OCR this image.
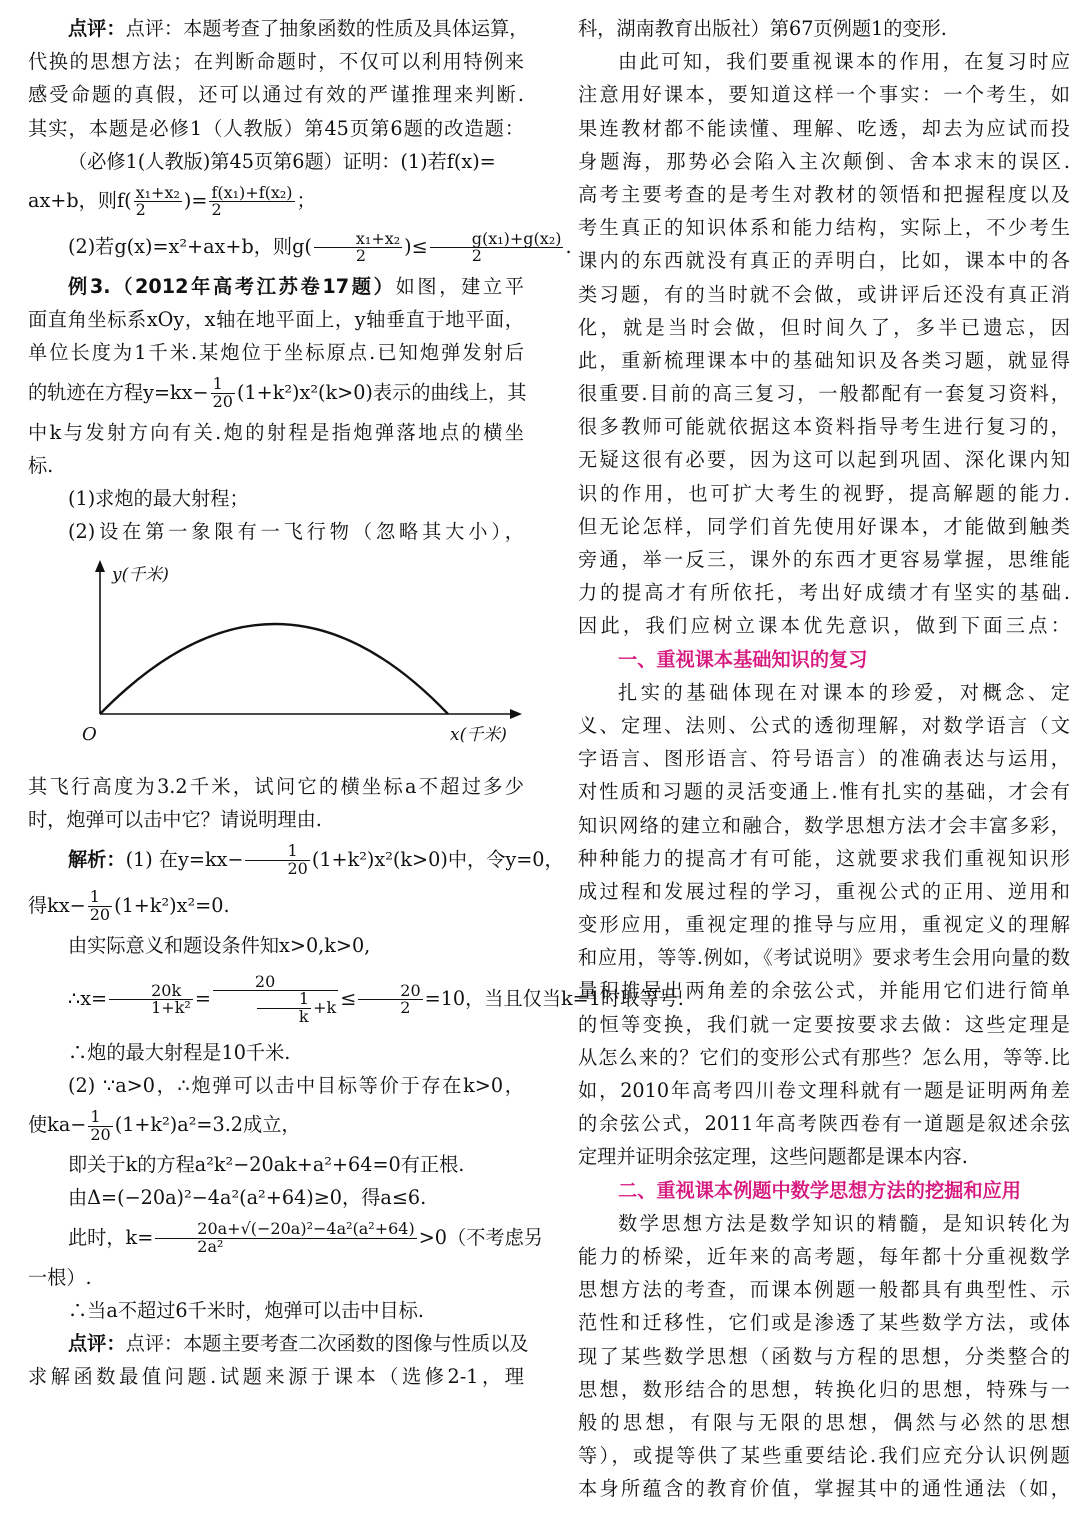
点评：点评：本题考查了抽象函数的性质及具体运算，
代换的思想方法；在判断命题时，不仅可以利用特例来
感受命题的真假，还可以通过有效的严谨推理来判断.
其实，本题是必修1（人教版）第45页第6题的改造题：
（必修1(人教版)第45页第6题）证明：(1)若f(x)=
ax+b，则$f( \frac{\text{x₁+x₂}}{2}$ )= $\frac{\text{f(x₁)+f(x₂)}}{2}$ ；
(2)若g(x)=x²+ax+b，则$g( \frac{\text{x₁+x₂}}{2}$ )≤ $\frac{\text{g(x₁)+g(x₂)}}{2}$ .
例3.（2012年高考江苏卷17题）如图，建立平
面直角坐标系xOy，x轴在地平面上，y轴垂直于地平面，
单位长度为1千米.某炮位于坐标原点.已知炮弹发射后
的轨迹在方程$y=kx- \frac{1}{20} (1+k^2)x^2(k>0)$表示的曲线上，其
中k与发射方向有关.炮的射程是指炮弹落地点的横坐
标.
(1)求炮的最大射程；
(2)设在第一象限有一飞行物（忽略其大小），
y(千米)
O	x(千米)
其飞行高度为3.2千米，试问它的横坐标a不超过多少
时，炮弹可以击中它？请说明理由.
解析：(1) 在$y=kx- \frac{1}{20} (1+k^2)x^2(k>0)$中，令y=0，
得$kx- \frac{1}{20} (1+k^2)x^2=0$.
由实际意义和题设条件知x>0,k>0,
∴x= $\frac{20k}{\text{1+k²}} = \frac{20}{\frac{1}{k} +k} \le \frac{20}{2} =10$，当且仅当k=1时取等号.
∴炮的最大射程是10千米.
(2) ∵a>0，∴炮弹可以击中目标等价于存在k>0，
使$ka- \frac{1}{20} (1+k^2)a^2=3.2$成立，
即关于k的方程a²k²−20ak+a²+64=0有正根.
由Δ=(−20a)²−4a²(a²+64)≥0，得a≤6.
此时，$k= \frac{\text{20a+√(−20a)²−4a²(a²+64)}}{\text{2a²}} >0$（不考虑另
一根）.
∴当a不超过6千米时，炮弹可以击中目标.
点评：点评：本题主要考查二次函数的图像与性质以及
求解函数最值问题.试题来源于课本（选修2-1，理
科，湖南教育出版社）第67页例题1的变形.
由此可知，我们要重视课本的作用，在复习时应
注意用好课本，要知道这样一个事实：一个考生，如
果连教材都不能读懂、理解、吃透，却去为应试而投
身题海，那势必会陷入主次颠倒、舍本求末的误区.
高考主要考查的是考生对教材的领悟和把握程度以及
考生真正的知识体系和能力结构，实际上，不少考生
课内的东西就没有真正的弄明白，比如，课本中的各
类习题，有的当时就不会做，或讲评后还没有真正消
化，就是当时会做，但时间久了，多半已遗忘，因
此，重新梳理课本中的基础知识及各类习题，就显得
很重要.目前的高三复习，一般都配有一套复习资料，
很多教师可能就依据这本资料指导考生进行复习的，
无疑这很有必要，因为这可以起到巩固、深化课内知
识的作用，也可扩大考生的视野，提高解题的能力.
但无论怎样，同学们首先使用好课本，才能做到触类
旁通，举一反三，课外的东西才更容易掌握，思维能
力的提高才有所依托，考出好成绩才有坚实的基础.
因此，我们应树立课本优先意识，做到下面三点：
一、重视课本基础知识的复习
扎实的基础体现在对课本的珍爱，对概念、定
义、定理、法则、公式的透彻理解，对数学语言（文
字语言、图形语言、符号语言）的准确表达与运用，
对性质和习题的灵活变通上.惟有扎实的基础，才会有
知识网络的建立和融合，数学思想方法才会丰富多彩，
种种能力的提高才有可能，这就要求我们重视知识形
成过程和发展过程的学习，重视公式的正用、逆用和
变形应用，重视定理的推导与应用，重视定义的理解
和应用，等等.例如，《考试说明》要求考生会用向量的数
量积推导出两角差的余弦公式，并能用它们进行简单
的恒等变换，我们就一定要按要求去做：这些定理是
从怎么来的？它们的变形公式有那些？怎么用，等等.比
如，2010年高考四川卷文理科就有一题是证明两角差
的余弦公式，2011年高考陕西卷有一道题是叙述余弦
定理并证明余弦定理，这些问题都是课本内容.
二、重视课本例题中数学思想方法的挖掘和应用
数学思想方法是数学知识的精髓，是知识转化为
能力的桥梁，近年来的高考题，每年都十分重视数学
思想方法的考查，而课本例题一般都具有典型性、示
范性和迁移性，它们或是渗透了某些数学方法，或体
现了某些数学思想（函数与方程的思想，分类整合的
思想，数形结合的思想，转换化归的思想，特殊与一
般的思想，有限与无限的思想，偶然与必然的思想
等），或提等供了某些重要结论.我们应充分认识例题
本身所蕴含的教育价值，掌握其中的通性通法（如，
